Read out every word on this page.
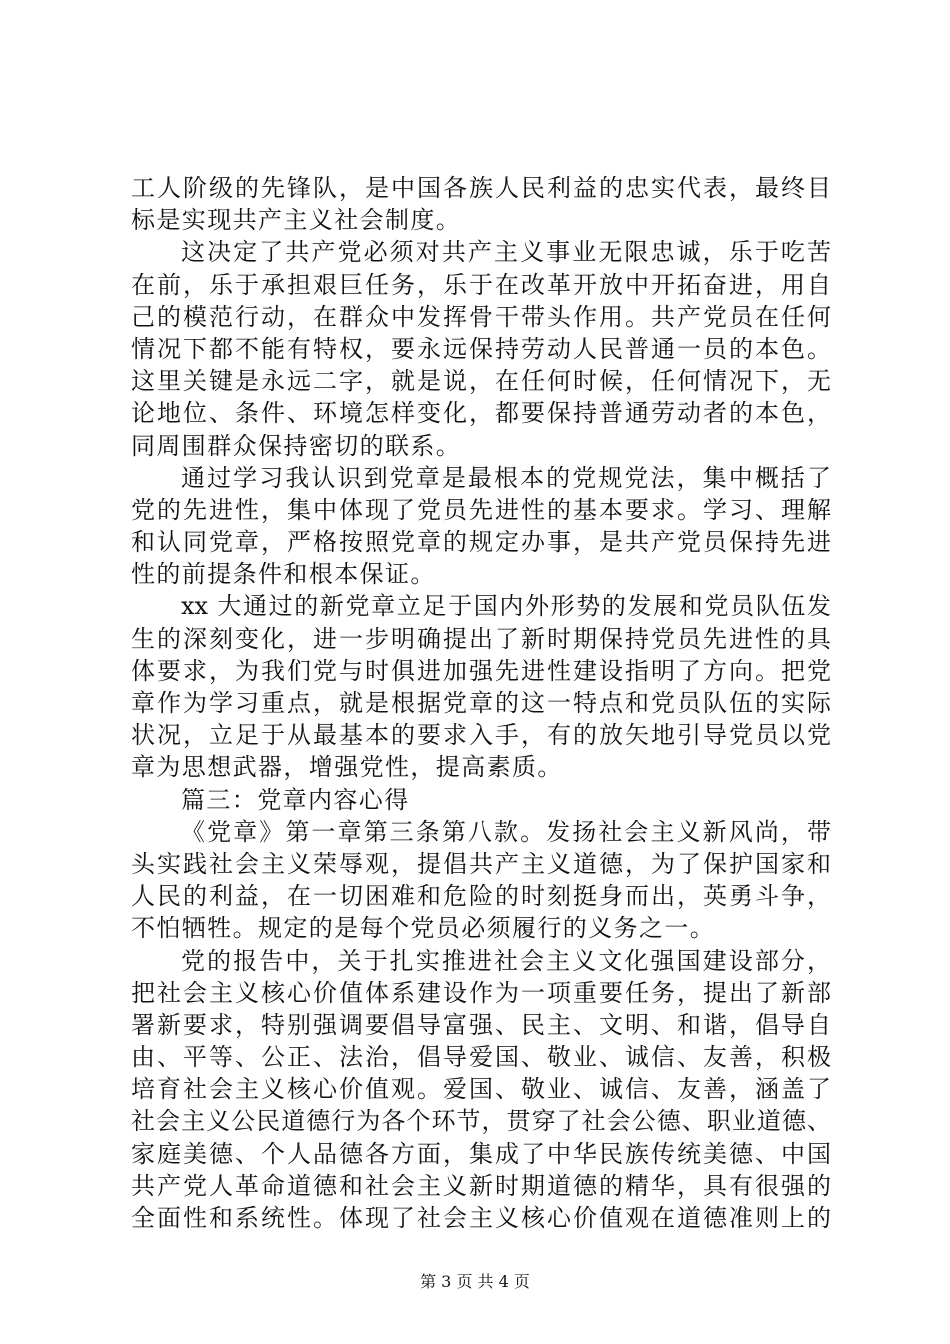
工人阶级的先锋队，是中国各族人民利益的忠实代表，最终目
标是实现共产主义社会制度。
这决定了共产党必须对共产主义事业无限忠诚，乐于吃苦
在前，乐于承担艰巨任务，乐于在改革开放中开拓奋进，用自
己的模范行动，在群众中发挥骨干带头作用。共产党员在任何
情况下都不能有特权，要永远保持劳动人民普通一员的本色。
这里关键是永远二字，就是说，在任何时候，任何情况下，无
论地位、条件、环境怎样变化，都要保持普通劳动者的本色，
同周围群众保持密切的联系。
通过学习我认识到党章是最根本的党规党法，集中概括了
党的先进性，集中体现了党员先进性的基本要求。学习、理解
和认同党章，严格按照党章的规定办事，是共产党员保持先进
性的前提条件和根本保证。
xx 大通过的新党章立足于国内外形势的发展和党员队伍发
生的深刻变化，进一步明确提出了新时期保持党员先进性的具
体要求，为我们党与时俱进加强先进性建设指明了方向。把党
章作为学习重点，就是根据党章的这一特点和党员队伍的实际
状况，立足于从最基本的要求入手，有的放矢地引导党员以党
章为思想武器，增强党性，提高素质。
篇三：党章内容心得
《党章》第一章第三条第八款。发扬社会主义新风尚，带
头实践社会主义荣辱观，提倡共产主义道德，为了保护国家和
人民的利益，在一切困难和危险的时刻挺身而出，英勇斗争，
不怕牺牲。规定的是每个党员必须履行的义务之一。
党的报告中，关于扎实推进社会主义文化强国建设部分，
把社会主义核心价值体系建设作为一项重要任务，提出了新部
署新要求，特别强调要倡导富强、民主、文明、和谐，倡导自
由、平等、公正、法治，倡导爱国、敬业、诚信、友善，积极
培育社会主义核心价值观。爱国、敬业、诚信、友善，涵盖了
社会主义公民道德行为各个环节，贯穿了社会公德、职业道德、
家庭美德、个人品德各方面，集成了中华民族传统美德、中国
共产党人革命道德和社会主义新时期道德的精华，具有很强的
全面性和系统性。体现了社会主义核心价值观在道德准则上的
第 3 页 共 4 页
